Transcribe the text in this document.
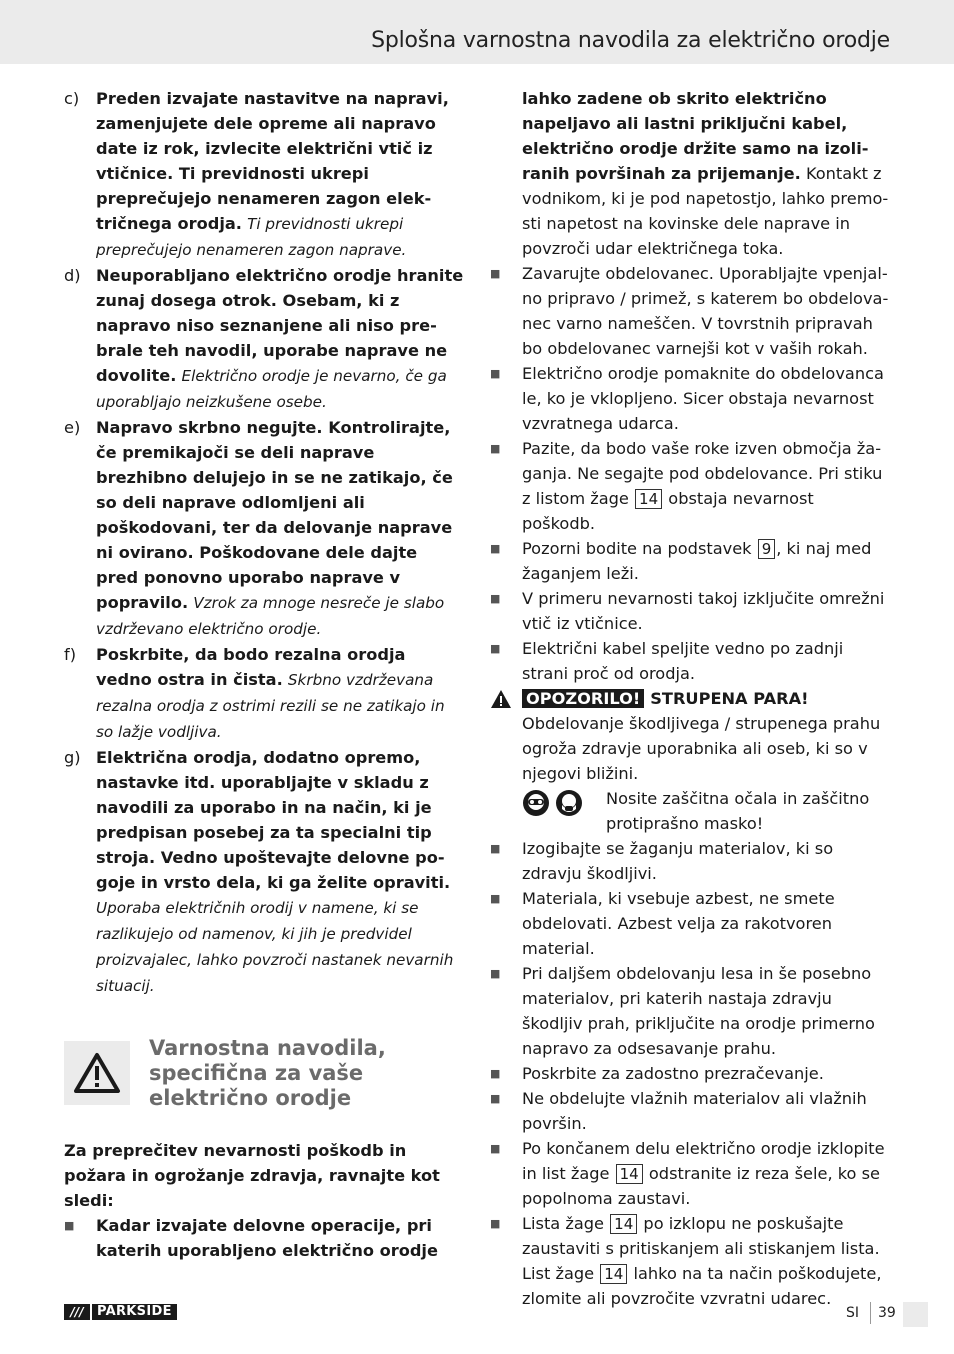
Splošna varnostna navodila za električno orodje
c) Preden izvajate nastavitve na napravi, zamenjujete dele opreme ali napravo date iz rok, izvlecite električni vtič iz vtičnice. Ti previdnosti ukrepi preprečujejo nenameren zagon električnega orodja. Ti previdnosti ukrepi preprečujejo nenameren zagon naprave.
d) Neuporabljano električno orodje hranite zunaj dosega otrok. Osebam, ki z napravo niso seznanjene ali niso prebrale teh navodil, uporabe naprave ne dovolite. Električno orodje je nevarno, če ga uporabljajo neizkušene osebe.
e) Napravo skrbno negujte. Kontrolirajte, če premikajoči se deli naprave brezhibno delujejo in se ne zatikajo, če so deli naprave odlomljeni ali poškodovani, ter da delovanje naprave ni ovirano. Poškodovane dele dajte pred ponovno uporabo naprave v popravilo. Vzrok za mnoge nesreče je slabo vzdrževano električno orodje.
f) Poskrbite, da bodo rezalna orodja vedno ostra in čista. Skrbno vzdrževana rezalna orodja z ostrimi rezili se ne zatikajo in so lažje vodljiva.
g) Električna orodja, dodatno opremo, nastavke itd. uporabljajte v skladu z navodili za uporabo in na način, ki je predpisan posebej za ta specialni tip stroja. Vedno upoštevajte delovne pogoje in vrsto dela, ki ga želite opraviti. Uporaba električnih orodij v namene, ki se razlikujejo od namenov, ki jih je predvidel proizvajalec, lahko povzroči nastanek nevarnih situacij.
Varnostna navodila, specifična za vaše električno orodje
Za preprečitev nevarnosti poškodb in požara in ogrožanje zdravja, ravnajte kot sledi:
■ Kadar izvajate delovne operacije, pri katerih uporabljeno električno orodje
lahko zadene ob skrito električno napeljavo ali lastni priključni kabel, električno orodje držite samo na izoliranih površinah za prijemanje. Kontakt z vodnikom, ki je pod napetostjo, lahko premosti napetost na kovinske dele naprave in povzroči udar električnega toka.
■ Zavarujte obdelovanec. Uporabljajte vpenjalno pripravo / primež, s katerem bo obdelovanec varno nameščen. V tovrstnih pripravah bo obdelovanec varnejši kot v vaših rokah.
■ Električno orodje pomaknite do obdelovanca le, ko je vklopljeno. Sicer obstaja nevarnost vzvratnega udarca.
■ Pazite, da bodo vaše roke izven območja žaganja. Ne segajte pod obdelovance. Pri stiku z listom žage 14 obstaja nevarnost poškodb.
■ Pozorni bodite na podstavek 9 , ki naj med žaganjem leži.
■ V primeru nevarnosti takoj izključite omrežni vtič iz vtičnice.
■ Električni kabel speljite vedno po zadnji strani proč od orodja.
OPOZORILO! STRUPENA PARA!
Obdelovanje škodljivega / strupenega prahu ogroža zdravje uporabnika ali oseb, ki so v njegovi bližini.

Nosite zaščitna očala in zaščitno protiprašno masko!
■ Izogibajte se žaganju materialov, ki so zdravju škodljivi.
■ Materiala, ki vsebuje azbest, ne smete obdelovati. Azbest velja za rakotvoren material.
■ Pri daljšem obdelovanju lesa in še posebno materialov, pri katerih nastaja zdravju škodljiv prah, priključite na orodje primerno napravo za odsesavanje prahu.
■ Poskrbite za zadostno prezračevanje.
■ Ne obdelujte vlažnih materialov ali vlažnih površin.
■ Po končanem delu električno orodje izklopite in list žage 14 odstranite iz reza šele, ko se popolnoma zaustavi.
■ Lista žage 14 po izklopu ne poskušajte zaustaviti s pritiskanjem ali stiskanjem lista. List žage 14 lahko na ta način poškodujete, zlomite ali povzročite vzvratni udarec.
///	PARKSIDE	SI 39
